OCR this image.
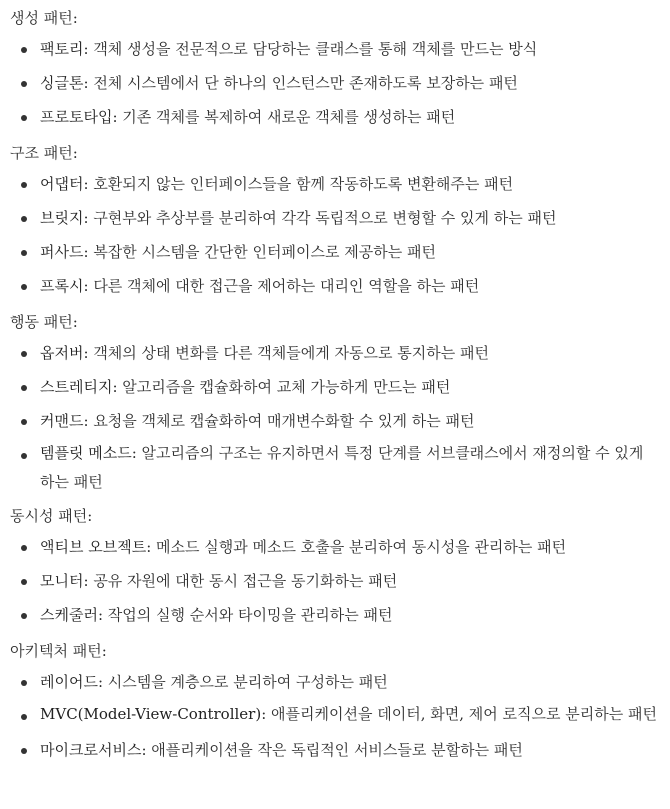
생성 패턴:
팩토리: 객체 생성을 전문적으로 담당하는 클래스를 통해 객체를 만드는 방식
싱글톤: 전체 시스템에서 단 하나의 인스턴스만 존재하도록 보장하는 패턴
프로토타입: 기존 객체를 복제하여 새로운 객체를 생성하는 패턴
구조 패턴:
어댑터: 호환되지 않는 인터페이스들을 함께 작동하도록 변환해주는 패턴
브릿지: 구현부와 추상부를 분리하여 각각 독립적으로 변형할 수 있게 하는 패턴
퍼사드: 복잡한 시스템을 간단한 인터페이스로 제공하는 패턴
프록시: 다른 객체에 대한 접근을 제어하는 대리인 역할을 하는 패턴
행동 패턴:
옵저버: 객체의 상태 변화를 다른 객체들에게 자동으로 통지하는 패턴
스트레티지: 알고리즘을 캡슐화하여 교체 가능하게 만드는 패턴
커맨드: 요청을 객체로 캡슐화하여 매개변수화할 수 있게 하는 패턴
템플릿 메소드: 알고리즘의 구조는 유지하면서 특정 단계를 서브클래스에서 재정의할 수 있게 하는 패턴
동시성 패턴:
액티브 오브젝트: 메소드 실행과 메소드 호출을 분리하여 동시성을 관리하는 패턴
모니터: 공유 자원에 대한 동시 접근을 동기화하는 패턴
스케줄러: 작업의 실행 순서와 타이밍을 관리하는 패턴
아키텍처 패턴:
레이어드: 시스템을 계층으로 분리하여 구성하는 패턴
MVC(Model-View-Controller): 애플리케이션을 데이터, 화면, 제어 로직으로 분리하는 패턴
마이크로서비스: 애플리케이션을 작은 독립적인 서비스들로 분할하는 패턴
